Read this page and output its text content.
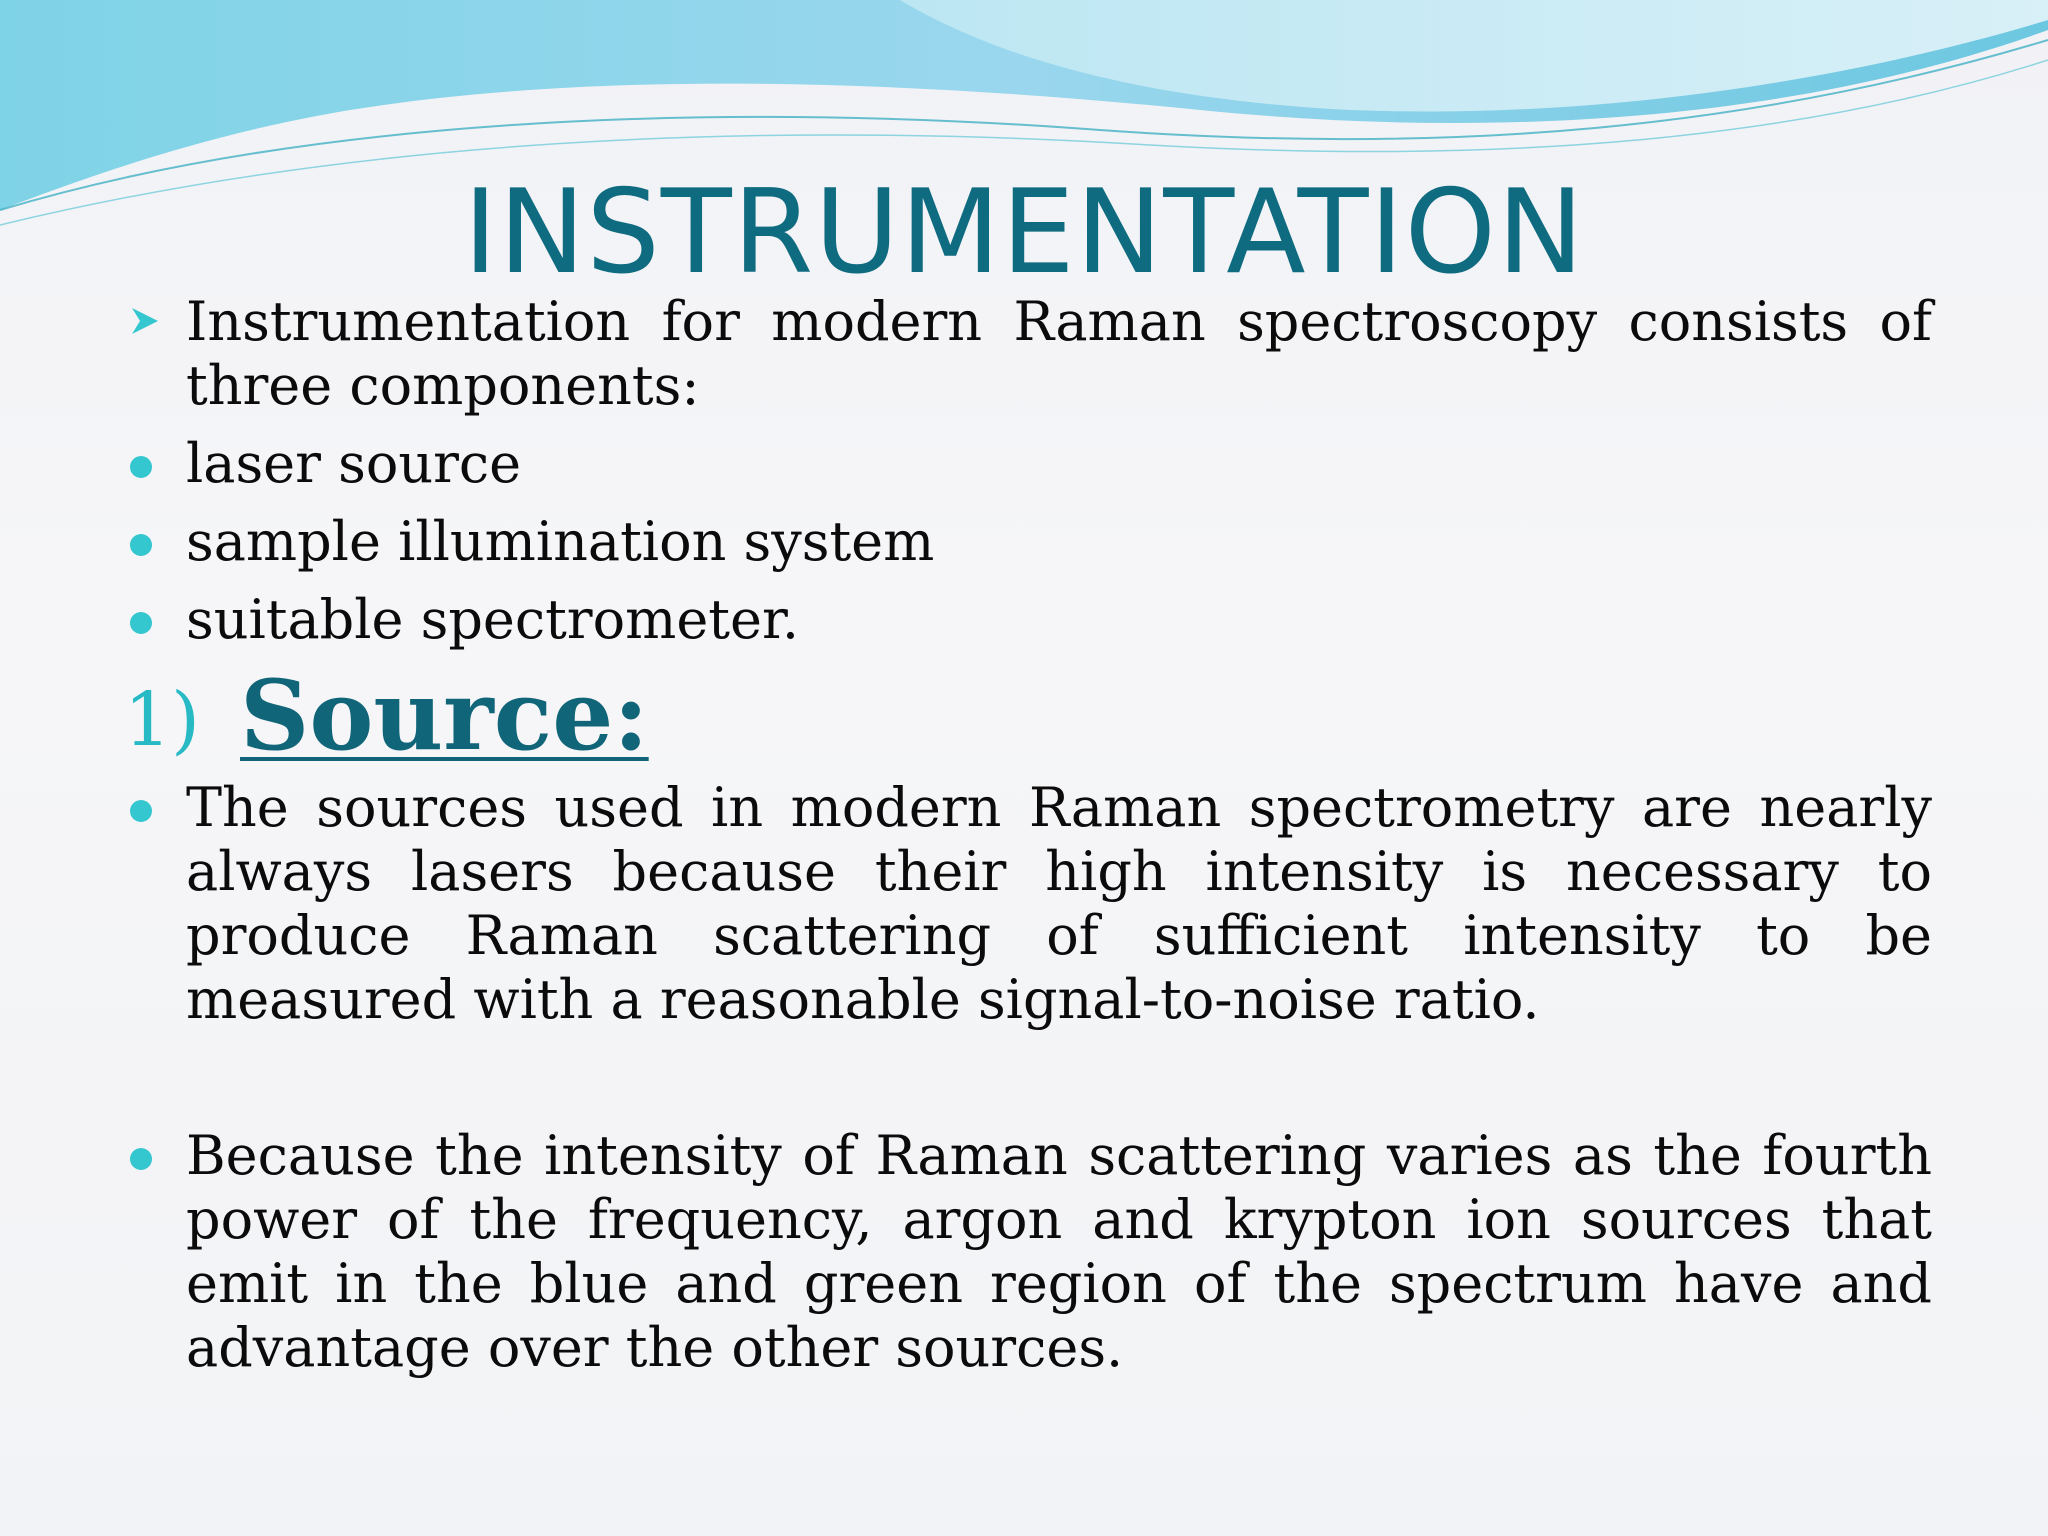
INSTRUMENTATION
Instrumentation for modern Raman spectroscopy consists of three components:
laser source
sample illumination system
suitable spectrometer.
1) Source:
The sources used in modern Raman spectrometry are nearly always lasers because their high intensity is necessary to produce Raman scattering of sufficient intensity to be measured with a reasonable signal-to-noise ratio.
Because the intensity of Raman scattering varies as the fourth power of the frequency, argon and krypton ion sources that emit in the blue and green region of the spectrum have and advantage over the other sources.
